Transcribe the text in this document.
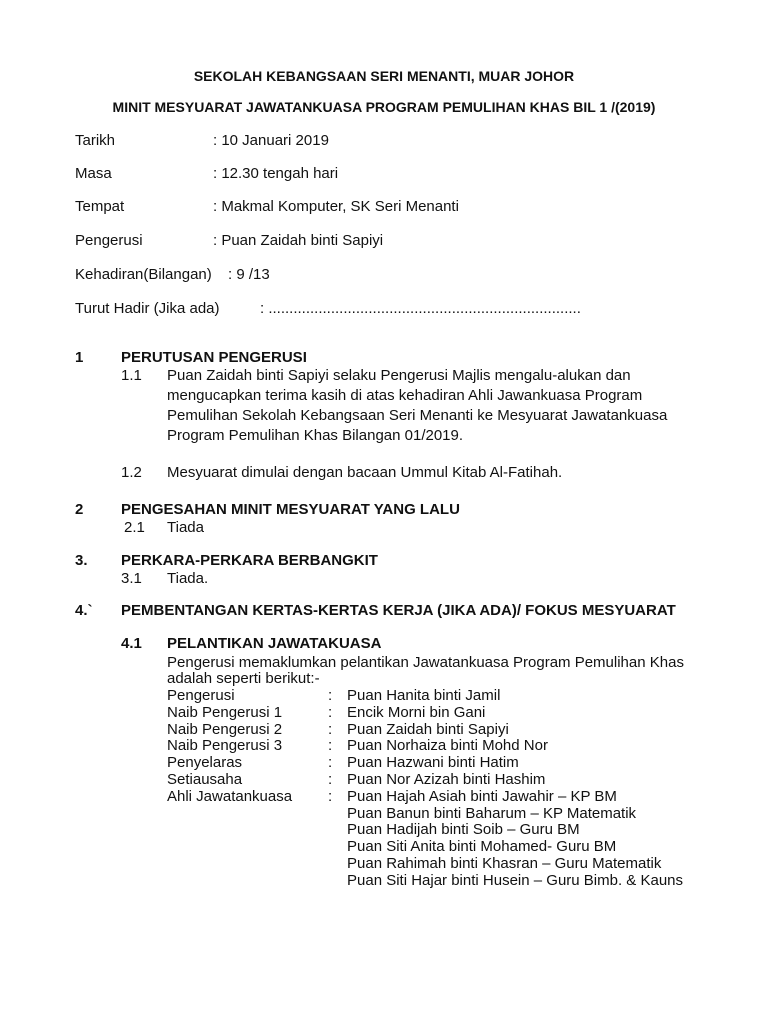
SEKOLAH KEBANGSAAN SERI MENANTI, MUAR JOHOR
MINIT MESYUARAT JAWATANKUASA PROGRAM PEMULIHAN KHAS BIL 1 /(2019)
Tarikh	: 10 Januari 2019
Masa	: 12.30 tengah hari
Tempat	: Makmal Komputer, SK Seri Menanti
Pengerusi	: Puan Zaidah binti Sapiyi
Kehadiran(Bilangan) : 9 /13
Turut Hadir (Jika ada)	: ...........................................................................
1	PERUTUSAN PENGERUSI
1.1 Puan Zaidah binti Sapiyi selaku Pengerusi Majlis mengalu-alukan dan
mengucapkan terima kasih di atas kehadiran Ahli Jawankuasa Program
Pemulihan Sekolah Kebangsaan Seri Menanti ke Mesyuarat Jawatankuasa
Program Pemulihan Khas Bilangan 01/2019.
1.2 Mesyuarat dimulai dengan bacaan Ummul Kitab Al-Fatihah.
2	PENGESAHAN MINIT MESYUARAT YANG LALU
2.1 Tiada
3. PERKARA-PERKARA BERBANGKIT
3.1 Tiada.
4.` PEMBENTANGAN KERTAS-KERTAS KERJA (JIKA ADA)/ FOKUS MESYUARAT
4.1 PELANTIKAN JAWATAKUASA
Pengerusi memaklumkan pelantikan Jawatankuasa Program Pemulihan Khas
adalah seperti berikut:-
Pengerusi	: Puan Hanita binti Jamil
Naib Pengerusi 1	: Encik Morni bin Gani
Naib Pengerusi 2	: Puan Zaidah binti Sapiyi
Naib Pengerusi 3	: Puan Norhaiza binti Mohd Nor
Penyelaras	: Puan Hazwani binti Hatim
Setiausaha	: Puan Nor Azizah binti Hashim
Ahli Jawatankuasa : Puan Hajah Asiah binti Jawahir – KP BM
Puan Banun binti Baharum – KP Matematik
Puan Hadijah binti Soib – Guru BM
Puan Siti Anita binti Mohamed- Guru BM
Puan Rahimah binti Khasran – Guru Matematik
Puan Siti Hajar binti Husein – Guru Bimb. & Kauns
